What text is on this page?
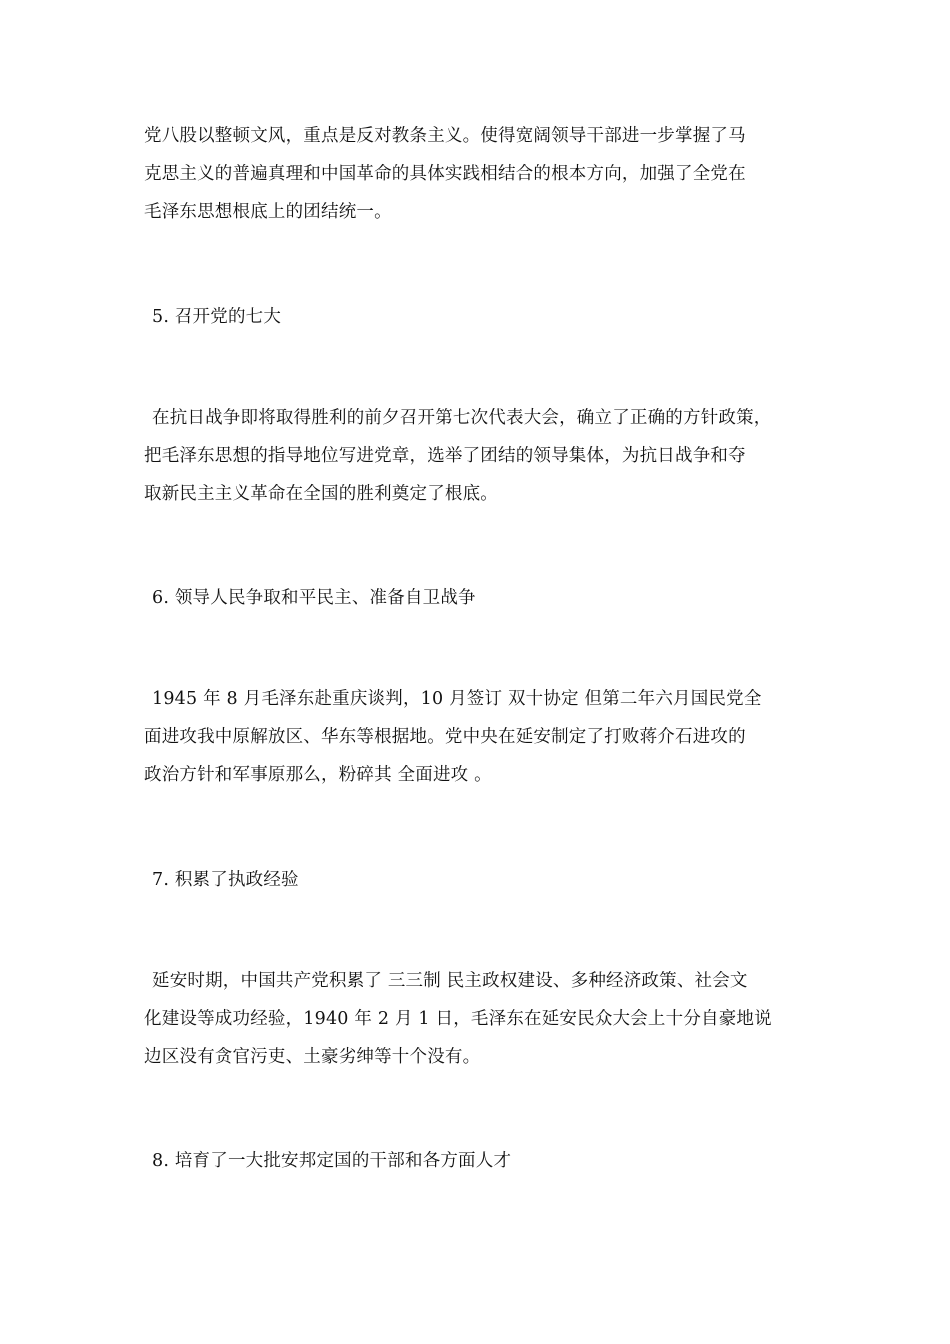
党八股以整顿文风，重点是反对教条主义。使得宽阔领导干部进一步掌握了马
克思主义的普遍真理和中国革命的具体实践相结合的根本方向，加强了全党在
毛泽东思想根底上的团结统一。
5. 召开党的七大
在抗日战争即将取得胜利的前夕召开第七次代表大会，确立了正确的方针政策，
把毛泽东思想的指导地位写进党章，选举了团结的领导集体，为抗日战争和夺
取新民主主义革命在全国的胜利奠定了根底。
6. 领导人民争取和平民主、准备自卫战争
1945 年 8 月毛泽东赴重庆谈判，10 月签订 双十协定 但第二年六月国民党全
面进攻我中原解放区、华东等根据地。党中央在延安制定了打败蒋介石进攻的
政治方针和军事原那么，粉碎其 全面进攻 。
7. 积累了执政经验
延安时期，中国共产党积累了 三三制 民主政权建设、多种经济政策、社会文
化建设等成功经验，1940 年 2 月 1 日，毛泽东在延安民众大会上十分自豪地说
边区没有贪官污吏、土豪劣绅等十个没有。
8. 培育了一大批安邦定国的干部和各方面人才
